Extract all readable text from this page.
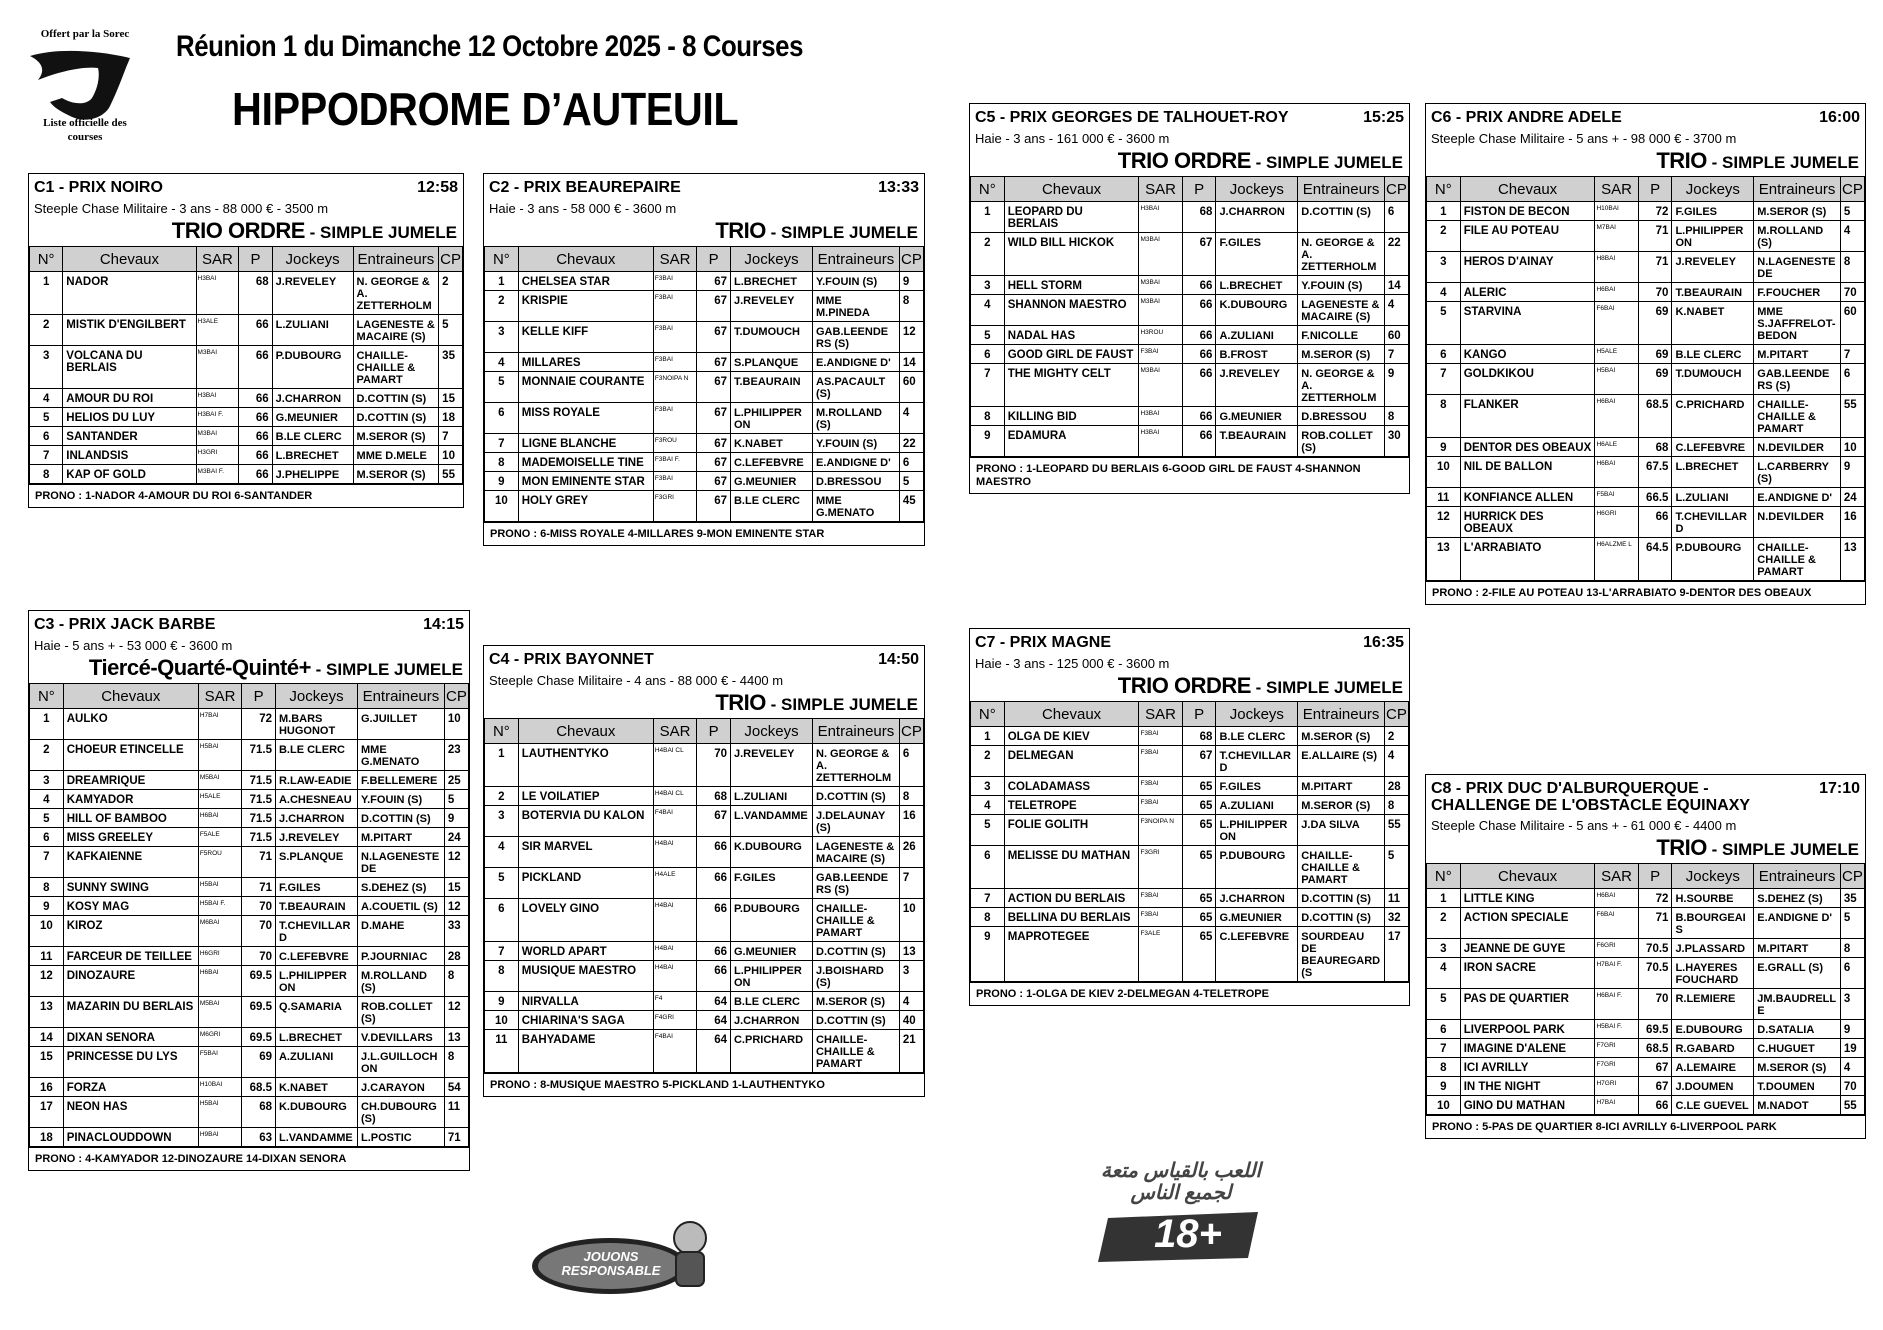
Offert par la Sorec
Liste officielle des courses
Réunion 1 du Dimanche 12 Octobre 2025 - 8 Courses
HIPPODROME D’AUTEUIL
C1 - PRIX NOIRO	12:58
Steeple Chase Militaire - 3 ans - 88 000 € - 3500 m
TRIO ORDRE - SIMPLE JUMELE
N°	Chevaux	SAR	P	Jockeys	Entraineurs	CP
1	NADOR	H3BAI	68	J.REVELEY	N. GEORGE & A. ZETTERHOLM	2
2	MISTIK D'ENGILBERT	H3ALE	66	L.ZULIANI	LAGENESTE & MACAIRE (S)	5
3	VOLCANA DU BERLAIS	M3BAI	66	P.DUBOURG	CHAILLE-CHAILLE & PAMART	35
4	AMOUR DU ROI	H3BAI	66	J.CHARRON	D.COTTIN (S)	15
5	HELIOS DU LUY	H3BAI F.	66	G.MEUNIER	D.COTTIN (S)	18
6	SANTANDER	M3BAI	66	B.LE CLERC	M.SEROR (S)	7
7	INLANDSIS	H3GRI	66	L.BRECHET	MME D.MELE	10
8	KAP OF GOLD	M3BAI F.	66	J.PHELIPPE	M.SEROR (S)	55
PRONO : 1-NADOR 4-AMOUR DU ROI 6-SANTANDER
C2 - PRIX BEAUREPAIRE	13:33
Haie - 3 ans - 58 000 € - 3600 m
TRIO - SIMPLE JUMELE
N°	Chevaux	SAR	P	Jockeys	Entraineurs	CP
1	CHELSEA STAR	F3BAI	67	L.BRECHET	Y.FOUIN (S)	9
2	KRISPIE	F3BAI	67	J.REVELEY	MME M.PINEDA	8
3	KELLE KIFF	F3BAI	67	T.DUMOUCH	GAB.LEENDERS (S)	12
4	MILLARES	F3BAI	67	S.PLANQUE	E.ANDIGNE D'	14
5	MONNAIE COURANTE	F3NOIPA N	67	T.BEAURAIN	AS.PACAULT (S)	60
6	MISS ROYALE	F3BAI	67	L.PHILIPPERON	M.ROLLAND (S)	4
7	LIGNE BLANCHE	F3ROU	67	K.NABET	Y.FOUIN (S)	22
8	MADEMOISELLE TINE	F3BAI F.	67	C.LEFEBVRE	E.ANDIGNE D'	6
9	MON EMINENTE STAR	F3BAI	67	G.MEUNIER	D.BRESSOU	5
10	HOLY GREY	F3GRI	67	B.LE CLERC	MME G.MENATO	45
PRONO : 6-MISS ROYALE 4-MILLARES 9-MON EMINENTE STAR
C3 - PRIX JACK BARBE	14:15
Haie - 5 ans + - 53 000 € - 3600 m
Tiercé-Quarté-Quinté+ - SIMPLE JUMELE
N°	Chevaux	SAR	P	Jockeys	Entraineurs	CP
1	AULKO	H7BAI	72	M.BARS HUGONOT	G.JUILLET	10
2	CHOEUR ETINCELLE	H5BAI	71.5	B.LE CLERC	MME G.MENATO	23
3	DREAMRIQUE	M5BAI	71.5	R.LAW-EADIE	F.BELLEMERE	25
4	KAMYADOR	H5ALE	71.5	A.CHESNEAU	Y.FOUIN (S)	5
5	HILL OF BAMBOO	H6BAI	71.5	J.CHARRON	D.COTTIN (S)	9
6	MISS GREELEY	F5ALE	71.5	J.REVELEY	M.PITART	24
7	KAFKAIENNE	F5ROU	71	S.PLANQUE	N.LAGENESTE DE	12
8	SUNNY SWING	H5BAI	71	F.GILES	S.DEHEZ (S)	15
9	KOSY MAG	H5BAI F.	70	T.BEAURAIN	A.COUETIL (S)	12
10	KIROZ	M6BAI	70	T.CHEVILLARD	D.MAHE	33
11	FARCEUR DE TEILLEE	H6GRI	70	C.LEFEBVRE	P.JOURNIAC	28
12	DINOZAURE	H6BAI	69.5	L.PHILIPPERON	M.ROLLAND (S)	8
13	MAZARIN DU BERLAIS	M5BAI	69.5	Q.SAMARIA	ROB.COLLET (S)	12
14	DIXAN SENORA	M6GRI	69.5	L.BRECHET	V.DEVILLARS	13
15	PRINCESSE DU LYS	F5BAI	69	A.ZULIANI	J.L.GUILLOCHON	8
16	FORZA	H10BAI	68.5	K.NABET	J.CARAYON	54
17	NEON HAS	H5BAI	68	K.DUBOURG	CH.DUBOURG (S)	11
18	PINACLOUDDOWN	H9BAI	63	L.VANDAMME	L.POSTIC	71
PRONO : 4-KAMYADOR 12-DINOZAURE 14-DIXAN SENORA
C4 - PRIX BAYONNET	14:50
Steeple Chase Militaire - 4 ans - 88 000 € - 4400 m
TRIO - SIMPLE JUMELE
N°	Chevaux	SAR	P	Jockeys	Entraineurs	CP
1	LAUTHENTYKO	H4BAI CL	70	J.REVELEY	N. GEORGE & A. ZETTERHOLM	6
2	LE VOILATIEP	H4BAI CL	68	L.ZULIANI	D.COTTIN (S)	8
3	BOTERVIA DU KALON	F4BAI	67	L.VANDAMME	J.DELAUNAY (S)	16
4	SIR MARVEL	H4BAI	66	K.DUBOURG	LAGENESTE & MACAIRE (S)	26
5	PICKLAND	H4ALE	66	F.GILES	GAB.LEENDERS (S)	7
6	LOVELY GINO	H4BAI	66	P.DUBOURG	CHAILLE-CHAILLE & PAMART	10
7	WORLD APART	H4BAI	66	G.MEUNIER	D.COTTIN (S)	13
8	MUSIQUE MAESTRO	H4BAI	66	L.PHILIPPERON	J.BOISHARD (S)	3
9	NIRVALLA	F4	64	B.LE CLERC	M.SEROR (S)	4
10	CHIARINA'S SAGA	F4GRI	64	J.CHARRON	D.COTTIN (S)	40
11	BAHYADAME	F4BAI	64	C.PRICHARD	CHAILLE-CHAILLE & PAMART	21
PRONO : 8-MUSIQUE MAESTRO 5-PICKLAND 1-LAUTHENTYKO
C5 - PRIX GEORGES DE TALHOUET-ROY	15:25
Haie - 3 ans - 161 000 € - 3600 m
TRIO ORDRE - SIMPLE JUMELE
N°	Chevaux	SAR	P	Jockeys	Entraineurs	CP
1	LEOPARD DU BERLAIS	H3BAI	68	J.CHARRON	D.COTTIN (S)	6
2	WILD BILL HICKOK	M3BAI	67	F.GILES	N. GEORGE & A. ZETTERHOLM	22
3	HELL STORM	M3BAI	66	L.BRECHET	Y.FOUIN (S)	14
4	SHANNON MAESTRO	M3BAI	66	K.DUBOURG	LAGENESTE & MACAIRE (S)	4
5	NADAL HAS	H3ROU	66	A.ZULIANI	F.NICOLLE	60
6	GOOD GIRL DE FAUST	F3BAI	66	B.FROST	M.SEROR (S)	7
7	THE MIGHTY CELT	M3BAI	66	J.REVELEY	N. GEORGE & A. ZETTERHOLM	9
8	KILLING BID	H3BAI	66	G.MEUNIER	D.BRESSOU	8
9	EDAMURA	H3BAI	66	T.BEAURAIN	ROB.COLLET (S)	30
PRONO : 1-LEOPARD DU BERLAIS 6-GOOD GIRL DE FAUST 4-SHANNON MAESTRO
C6 - PRIX ANDRE ADELE	16:00
Steeple Chase Militaire - 5 ans + - 98 000 € - 3700 m
TRIO - SIMPLE JUMELE
N°	Chevaux	SAR	P	Jockeys	Entraineurs	CP
1	FISTON DE BECON	H10BAI	72	F.GILES	M.SEROR (S)	5
2	FILE AU POTEAU	M7BAI	71	L.PHILIPPERON	M.ROLLAND (S)	4
3	HEROS D'AINAY	H8BAI	71	J.REVELEY	N.LAGENESTE DE	8
4	ALERIC	H6BAI	70	T.BEAURAIN	F.FOUCHER	70
5	STARVINA	F6BAI	69	K.NABET	MME S.JAFFRELOT-BEDON	60
6	KANGO	H5ALE	69	B.LE CLERC	M.PITART	7
7	GOLDKIKOU	H5BAI	69	T.DUMOUCH	GAB.LEENDERS (S)	6
8	FLANKER	H6BAI	68.5	C.PRICHARD	CHAILLE-CHAILLE & PAMART	55
9	DENTOR DES OBEAUX	H6ALE	68	C.LEFEBVRE	N.DEVILDER	10
10	NIL DE BALLON	H6BAI	67.5	L.BRECHET	L.CARBERRY (S)	9
11	KONFIANCE ALLEN	F5BAI	66.5	L.ZULIANI	E.ANDIGNE D'	24
12	HURRICK DES OBEAUX	H6GRI	66	T.CHEVILLARD	N.DEVILDER	16
13	L'ARRABIATO	H6ALZME L	64.5	P.DUBOURG	CHAILLE-CHAILLE & PAMART	13
PRONO : 2-FILE AU POTEAU 13-L'ARRABIATO 9-DENTOR DES OBEAUX
C7 - PRIX MAGNE	16:35
Haie - 3 ans - 125 000 € - 3600 m
TRIO ORDRE - SIMPLE JUMELE
N°	Chevaux	SAR	P	Jockeys	Entraineurs	CP
1	OLGA DE KIEV	F3BAI	68	B.LE CLERC	M.SEROR (S)	2
2	DELMEGAN	F3BAI	67	T.CHEVILLARD	E.ALLAIRE (S)	4
3	COLADAMASS	F3BAI	65	F.GILES	M.PITART	28
4	TELETROPE	F3BAI	65	A.ZULIANI	M.SEROR (S)	8
5	FOLIE GOLITH	F3NOIPA N	65	L.PHILIPPERON	J.DA SILVA	55
6	MELISSE DU MATHAN	F3GRI	65	P.DUBOURG	CHAILLE-CHAILLE & PAMART	5
7	ACTION DU BERLAIS	F3BAI	65	J.CHARRON	D.COTTIN (S)	11
8	BELLINA DU BERLAIS	F3BAI	65	G.MEUNIER	D.COTTIN (S)	32
9	MAPROTEGEE	F3ALE	65	C.LEFEBVRE	SOURDEAU DE BEAUREGARD (S	17
PRONO : 1-OLGA DE KIEV 2-DELMEGAN 4-TELETROPE
C8 - PRIX DUC D'ALBURQUERQUE -
CHALLENGE DE L'OBSTACLE EQUINAXY
17:10
Steeple Chase Militaire - 5 ans + - 61 000 € - 4400 m
TRIO - SIMPLE JUMELE
N°	Chevaux	SAR	P	Jockeys	Entraineurs	CP
1	LITTLE KING	H6BAI	72	H.SOURBE	S.DEHEZ (S)	35
2	ACTION SPECIALE	F6BAI	71	B.BOURGEAIS	E.ANDIGNE D'	5
3	JEANNE DE GUYE	F6GRI	70.5	J.PLASSARD	M.PITART	8
4	IRON SACRE	H7BAI F.	70.5	L.HAYERES FOUCHARD	E.GRALL (S)	6
5	PAS DE QUARTIER	H6BAI F.	70	R.LEMIERE	JM.BAUDRELLE	3
6	LIVERPOOL PARK	H5BAI F.	69.5	E.DUBOURG	D.SATALIA	9
7	IMAGINE D'ALENE	F7GRI	68.5	R.GABARD	C.HUGUET	19
8	ICI AVRILLY	F7GRI	67	A.LEMAIRE	M.SEROR (S)	4
9	IN THE NIGHT	H7GRI	67	J.DOUMEN	T.DOUMEN	70
10	GINO DU MATHAN	H7BAI	66	C.LE GUEVEL	M.NADOT	55
PRONO : 5-PAS DE QUARTIER 8-ICI AVRILLY 6-LIVERPOOL PARK
JOUONS RESPONSABLE
اللعب بالقياس متعة لجميع الناس
18+
